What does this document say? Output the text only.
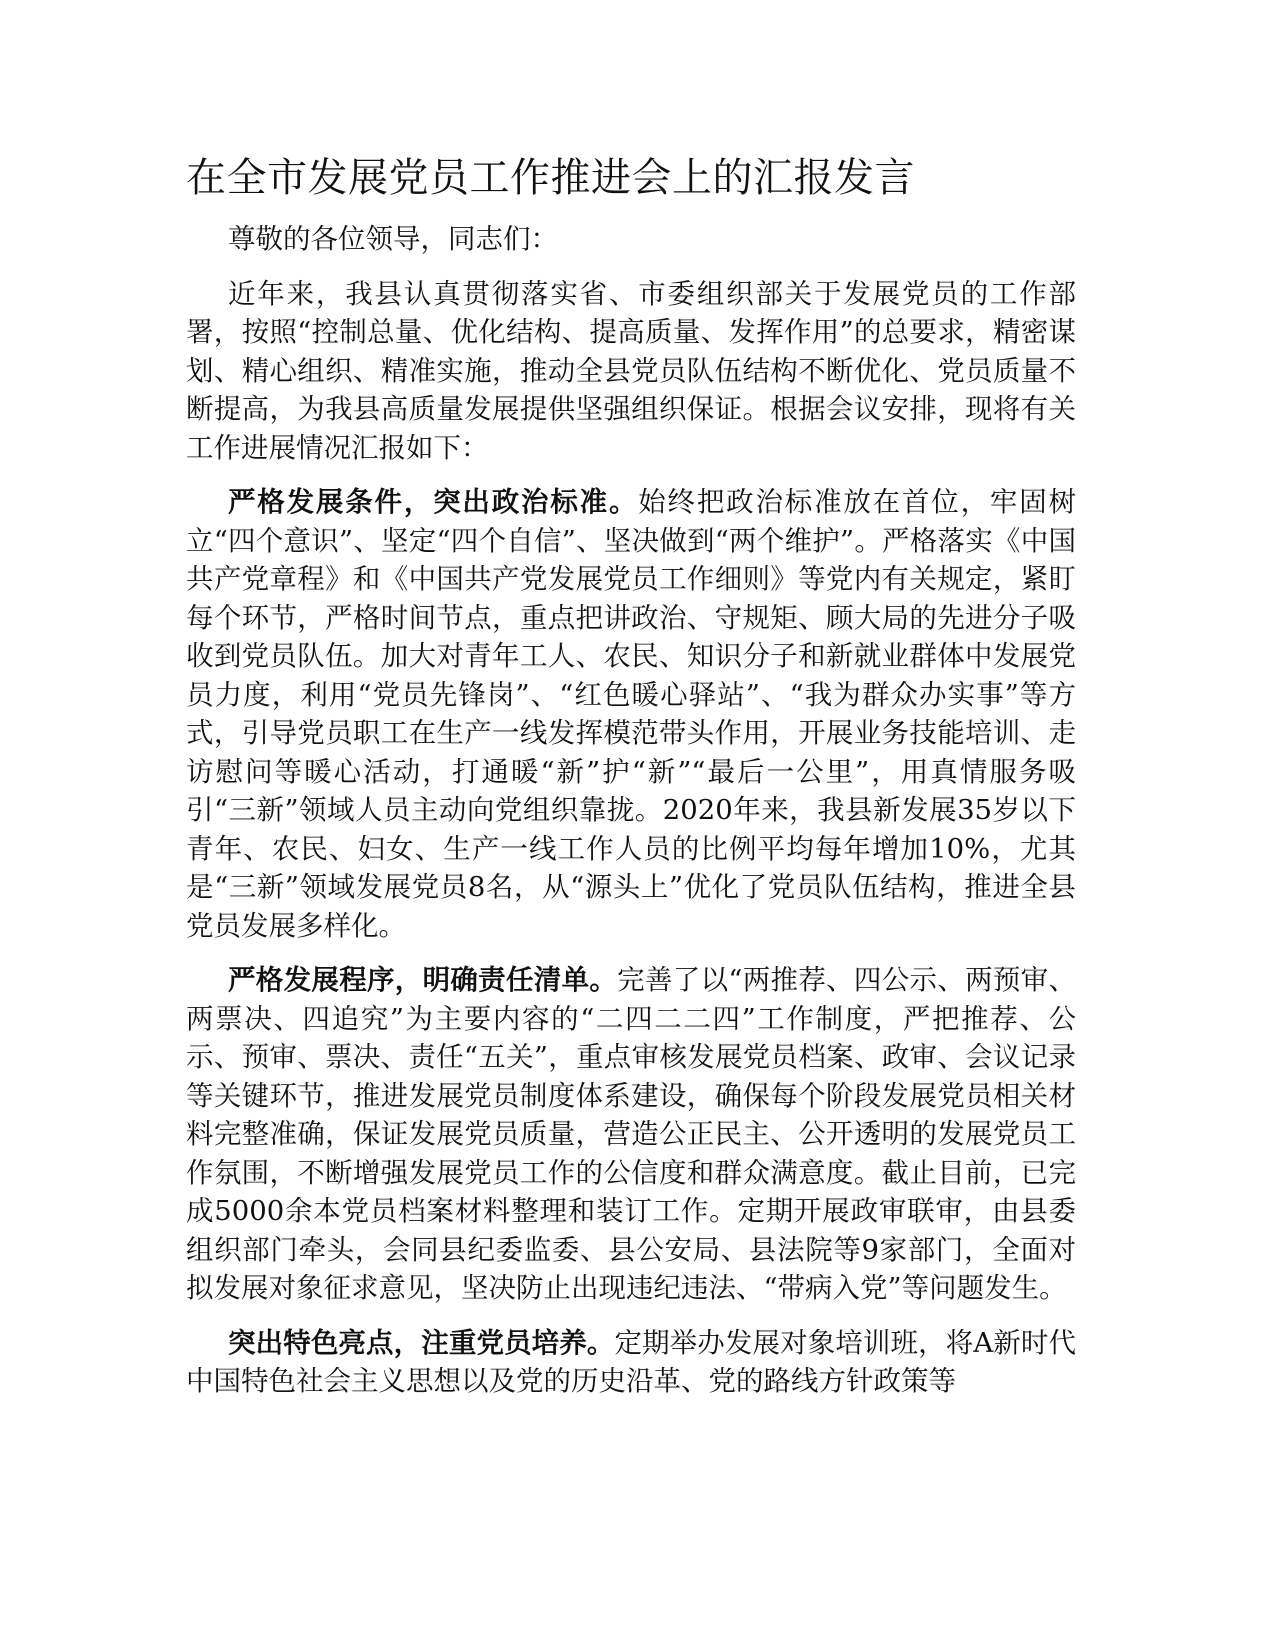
在全市发展党员工作推进会上的汇报发言

尊敬的各位领导，同志们：

近年来，我县认真贯彻落实省、市委组织部关于发展党员的工作部署，按照“控制总量、优化结构、提高质量、发挥作用”的总要求，精密谋划、精心组织、精准实施，推动全县党员队伍结构不断优化、党员质量不断提高，为我县高质量发展提供坚强组织保证。根据会议安排，现将有关工作进展情况汇报如下：

严格发展条件，突出政治标准。始终把政治标准放在首位，牢固树立“四个意识”、坚定“四个自信”、坚决做到“两个维护”。严格落实《中国共产党章程》和《中国共产党发展党员工作细则》等党内有关规定，紧盯每个环节，严格时间节点，重点把讲政治、守规矩、顾大局的先进分子吸收到党员队伍。加大对青年工人、农民、知识分子和新就业群体中发展党员力度，利用“党员先锋岗”、“红色暖心驿站”、“我为群众办实事”等方式，引导党员职工在生产一线发挥模范带头作用，开展业务技能培训、走访慰问等暖心活动，打通暖“新”护“新”“最后一公里”，用真情服务吸引“三新”领域人员主动向党组织靠拢。2020年来，我县新发展35岁以下青年、农民、妇女、生产一线工作人员的比例平均每年增加10%，尤其是“三新”领域发展党员8名，从“源头上”优化了党员队伍结构，推进全县党员发展多样化。

严格发展程序，明确责任清单。完善了以“两推荐、四公示、两预审、两票决、四追究”为主要内容的“二四二二四”工作制度，严把推荐、公示、预审、票决、责任“五关”，重点审核发展党员档案、政审、会议记录等关键环节，推进发展党员制度体系建设，确保每个阶段发展党员相关材料完整准确，保证发展党员质量，营造公正民主、公开透明的发展党员工作氛围，不断增强发展党员工作的公信度和群众满意度。截止目前，已完成5000余本党员档案材料整理和装订工作。定期开展政审联审，由县委组织部门牵头，会同县纪委监委、县公安局、县法院等9家部门，全面对拟发展对象征求意见，坚决防止出现违纪违法、“带病入党”等问题发生。

突出特色亮点，注重党员培养。定期举办发展对象培训班，将A新时代中国特色社会主义思想以及党的历史沿革、党的路线方针政策等
